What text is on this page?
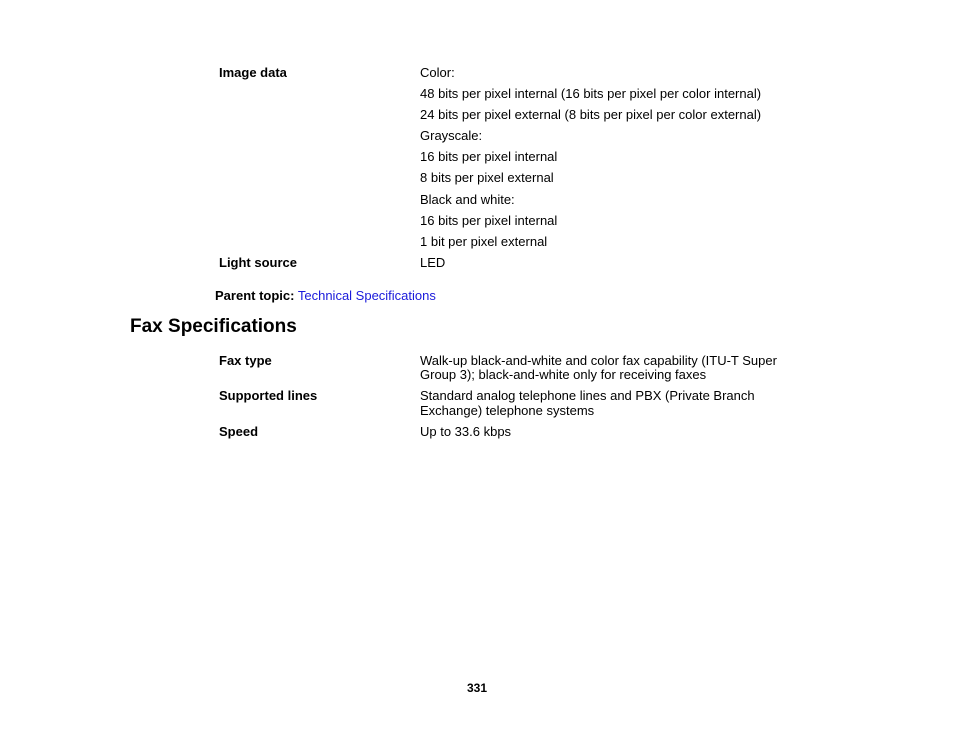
Image data	Color:
48 bits per pixel internal (16 bits per pixel per color internal)
24 bits per pixel external (8 bits per pixel per color external)
Grayscale:
16 bits per pixel internal
8 bits per pixel external
Black and white:
16 bits per pixel internal
1 bit per pixel external
Light source	LED
Parent topic: Technical Specifications
Fax Specifications
Fax type	Walk-up black-and-white and color fax capability (ITU-T Super
Group 3); black-and-white only for receiving faxes
Supported lines	Standard analog telephone lines and PBX (Private Branch
Exchange) telephone systems
Speed	Up to 33.6 kbps
331
